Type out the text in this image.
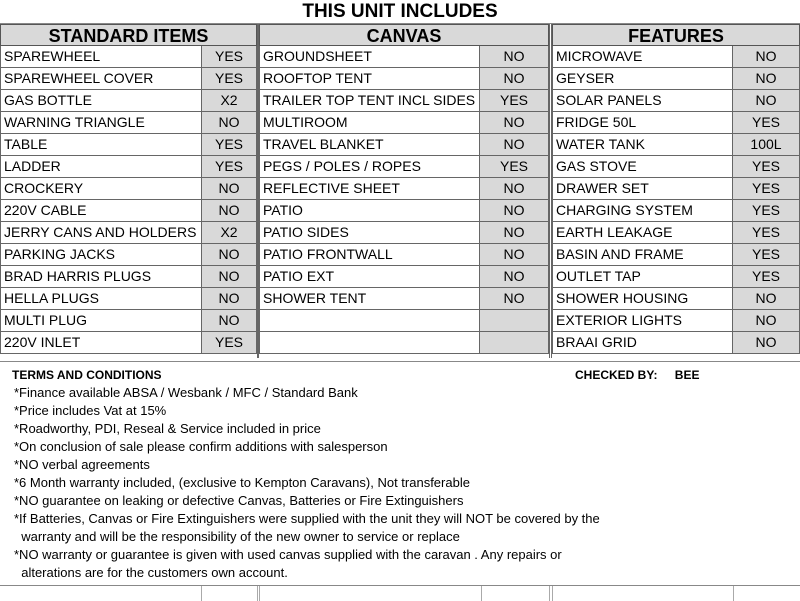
THIS UNIT INCLUDES
STANDARD ITEMS
SPAREWHEEL	YES
SPAREWHEEL COVER	YES
GAS BOTTLE	X2
WARNING TRIANGLE	NO
TABLE	YES
LADDER	YES
CROCKERY	NO
220V CABLE	NO
JERRY CANS AND HOLDERS	X2
PARKING JACKS	NO
BRAD HARRIS PLUGS	NO
HELLA PLUGS	NO
MULTI PLUG	NO
220V INLET	YES
CANVAS
GROUNDSHEET	NO
ROOFTOP TENT	NO
TRAILER TOP TENT INCL SIDES	YES
MULTIROOM	NO
TRAVEL BLANKET	NO
PEGS / POLES / ROPES	YES
REFLECTIVE SHEET	NO
PATIO	NO
PATIO SIDES	NO
PATIO FRONTWALL	NO
PATIO EXT	NO
SHOWER TENT	NO
FEATURES
MICROWAVE	NO
GEYSER	NO
SOLAR PANELS	NO
FRIDGE 50L	YES
WATER TANK	100L
GAS STOVE	YES
DRAWER SET	YES
CHARGING SYSTEM	YES
EARTH LEAKAGE	YES
BASIN AND FRAME	YES
OUTLET TAP	YES
SHOWER HOUSING	NO
EXTERIOR LIGHTS	NO
BRAAI GRID	NO
TERMS AND CONDITIONS	CHECKED BY: BEE
*Finance available ABSA / Wesbank / MFC / Standard Bank
*Price includes Vat at 15%
*Roadworthy, PDI, Reseal & Service included in price
*On conclusion of sale please confirm additions with salesperson
*NO verbal agreements
*6 Month warranty included, (exclusive to Kempton Caravans), Not transferable
*NO guarantee on leaking or defective Canvas, Batteries or Fire Extinguishers
*If Batteries, Canvas or Fire Extinguishers were supplied with the unit they will NOT be covered by the
warranty and will be the responsibility of the new owner to service or replace
*NO warranty or guarantee is given with used canvas supplied with the caravan . Any repairs or
alterations are for the customers own account.
